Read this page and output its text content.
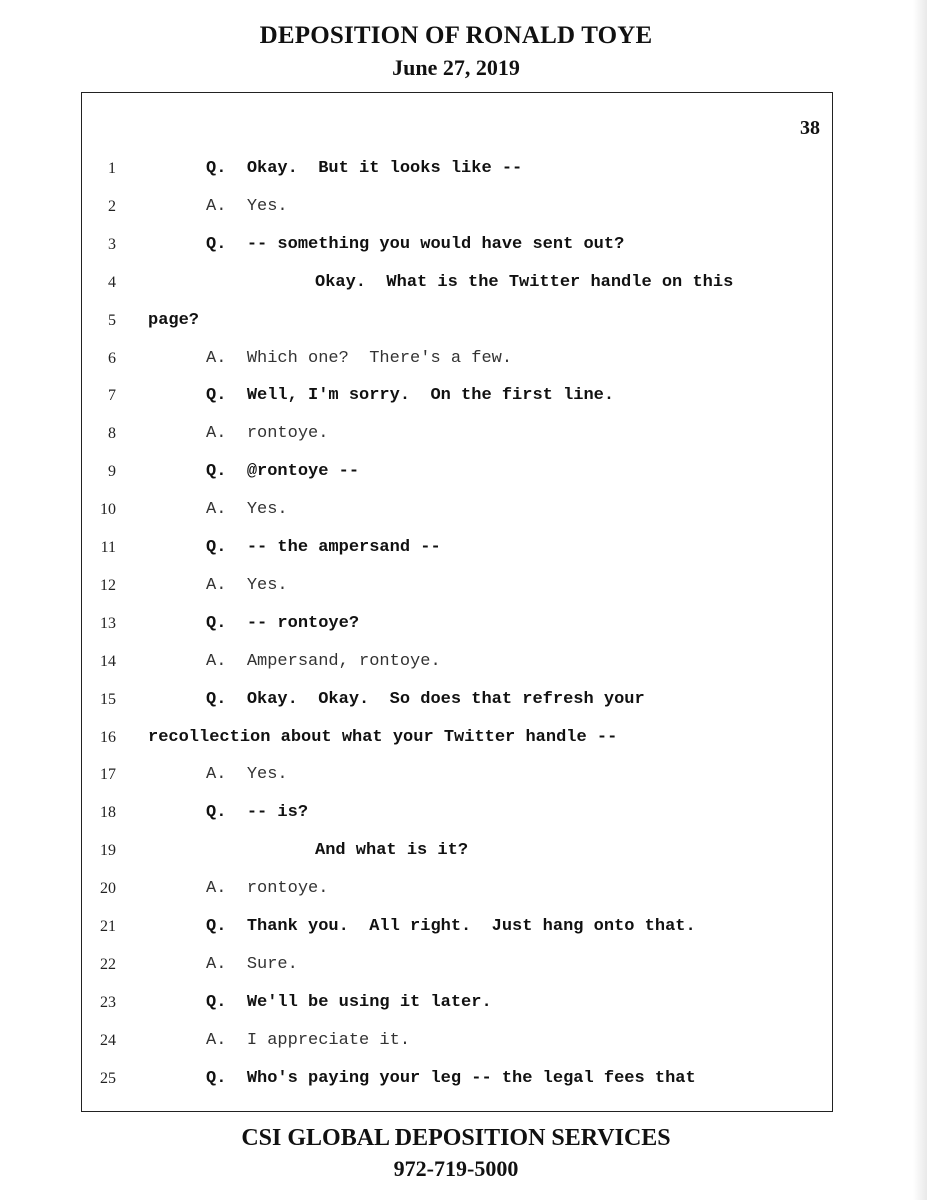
DEPOSITION OF RONALD TOYE
June 27, 2019
38
1	Q. Okay.  But it looks like --
2	A. Yes.
3	Q. -- something you would have sent out?
4	Okay.  What is the Twitter handle on this
5 page?
6	A. Which one?  There's a few.
7	Q. Well, I'm sorry.  On the first line.
8	A. rontoye.
9	Q. @rontoye --
10	A. Yes.
11	Q. -- the ampersand --
12	A. Yes.
13	Q. -- rontoye?
14	A. Ampersand, rontoye.
15	Q. Okay.  Okay.  So does that refresh your
16 recollection about what your Twitter handle --
17	A. Yes.
18	Q. -- is?
19	And what is it?
20	A. rontoye.
21	Q. Thank you.  All right.  Just hang onto that.
22	A. Sure.
23	Q. We'll be using it later.
24	A. I appreciate it.
25	Q. Who's paying your leg -- the legal fees that
CSI GLOBAL DEPOSITION SERVICES
972-719-5000
